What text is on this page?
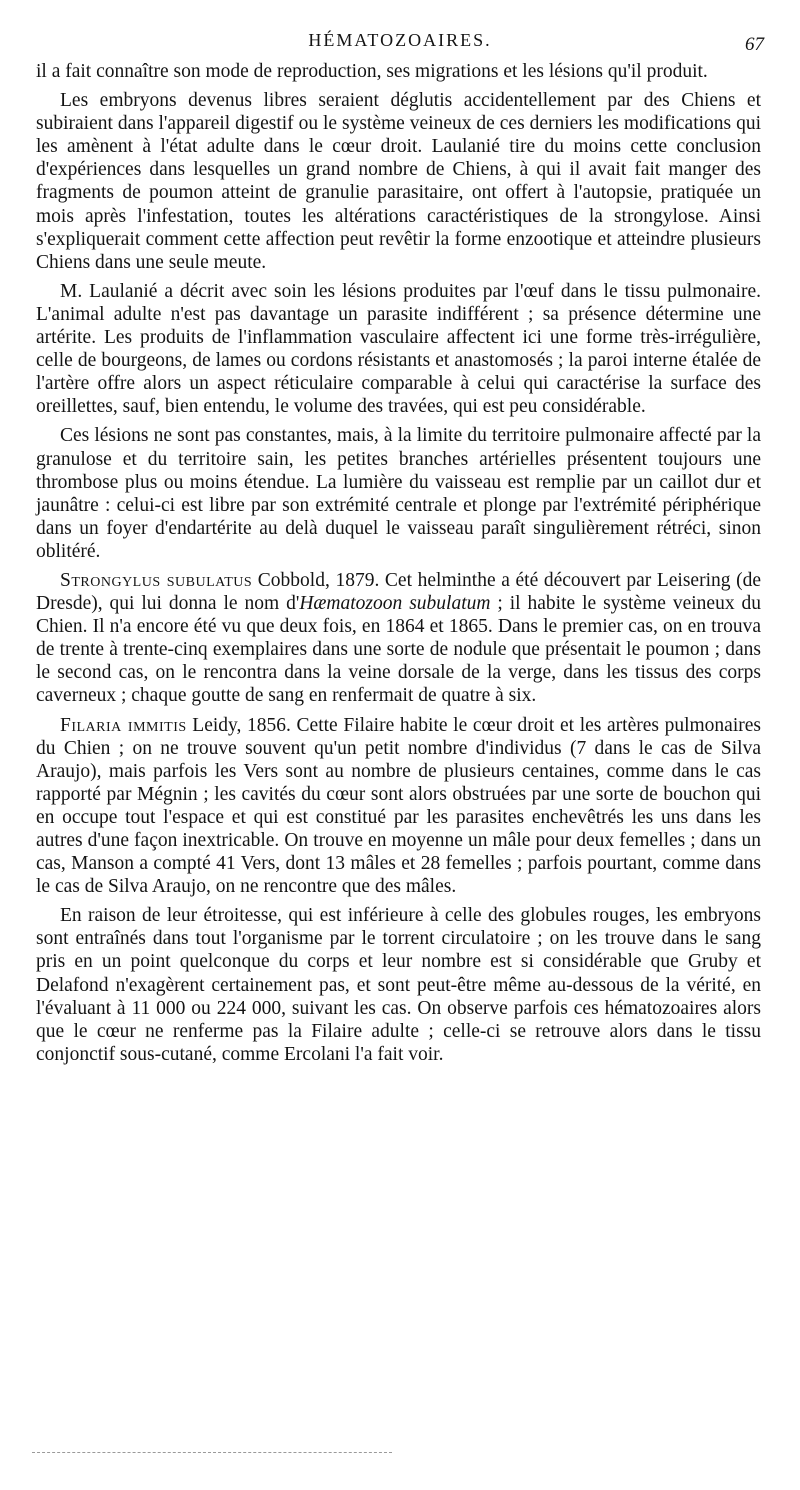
HÉMATOZOAIRES.	67

il a fait connaître son mode de reproduction, ses migrations et les lésions qu'il produit.

Les embryons devenus libres seraient déglutis accidentellement par des Chiens et subiraient dans l'appareil digestif ou le système veineux de ces derniers les modifications qui les amènent à l'état adulte dans le cœur droit. Laulanié tire du moins cette conclusion d'expériences dans lesquelles un grand nombre de Chiens, à qui il avait fait manger des fragments de poumon atteint de granulie parasitaire, ont offert à l'autopsie, pratiquée un mois après l'infestation, toutes les altérations caractéristiques de la strongylose. Ainsi s'expliquerait comment cette affection peut revêtir la forme enzootique et atteindre plusieurs Chiens dans une seule meute.

M. Laulanié a décrit avec soin les lésions produites par l'œuf dans le tissu pulmonaire. L'animal adulte n'est pas davantage un parasite indifférent ; sa présence détermine une artérite. Les produits de l'inflammation vasculaire affectent ici une forme très-irrégulière, celle de bourgeons, de lames ou cordons résistants et anastomosés ; la paroi interne étalée de l'artère offre alors un aspect réticulaire comparable à celui qui caractérise la surface des oreillettes, sauf, bien entendu, le volume des travées, qui est peu considérable.

Ces lésions ne sont pas constantes, mais, à la limite du territoire pulmonaire affecté par la granulose et du territoire sain, les petites branches artérielles présentent toujours une thrombose plus ou moins étendue. La lumière du vaisseau est remplie par un caillot dur et jaunâtre : celui-ci est libre par son extrémité centrale et plonge par l'extrémité périphérique dans un foyer d'endartérite au delà duquel le vaisseau paraît singulièrement rétréci, sinon oblitéré.

Strongylus subulatus Cobbold, 1879. Cet helminthe a été découvert par Leisering (de Dresde), qui lui donna le nom d'Hæmatozoon subulatum ; il habite le système veineux du Chien. Il n'a encore été vu que deux fois, en 1864 et 1865. Dans le premier cas, on en trouva de trente à trente-cinq exemplaires dans une sorte de nodule que présentait le poumon ; dans le second cas, on le rencontra dans la veine dorsale de la verge, dans les tissus des corps caverneux ; chaque goutte de sang en renfermait de quatre à six.

Filaria immitis Leidy, 1856. Cette Filaire habite le cœur droit et les artères pulmonaires du Chien ; on ne trouve souvent qu'un petit nombre d'individus (7 dans le cas de Silva Araujo), mais parfois les Vers sont au nombre de plusieurs centaines, comme dans le cas rapporté par Mégnin ; les cavités du cœur sont alors obstruées par une sorte de bouchon qui en occupe tout l'espace et qui est constitué par les parasites enchevêtrés les uns dans les autres d'une façon inextricable. On trouve en moyenne un mâle pour deux femelles ; dans un cas, Manson a compté 41 Vers, dont 13 mâles et 28 femelles ; parfois pourtant, comme dans le cas de Silva Araujo, on ne rencontre que des mâles.

En raison de leur étroitesse, qui est inférieure à celle des globules rouges, les embryons sont entraînés dans tout l'organisme par le torrent circulatoire ; on les trouve dans le sang pris en un point quelconque du corps et leur nombre est si considérable que Gruby et Delafond n'exagèrent certainement pas, et sont peut-être même au-dessous de la vérité, en l'évaluant à 11 000 ou 224 000, suivant les cas. On observe parfois ces hématozoaires alors que le cœur ne renferme pas la Filaire adulte ; celle-ci se retrouve alors dans le tissu conjonctif sous-cutané, comme Ercolani l'a fait voir.
